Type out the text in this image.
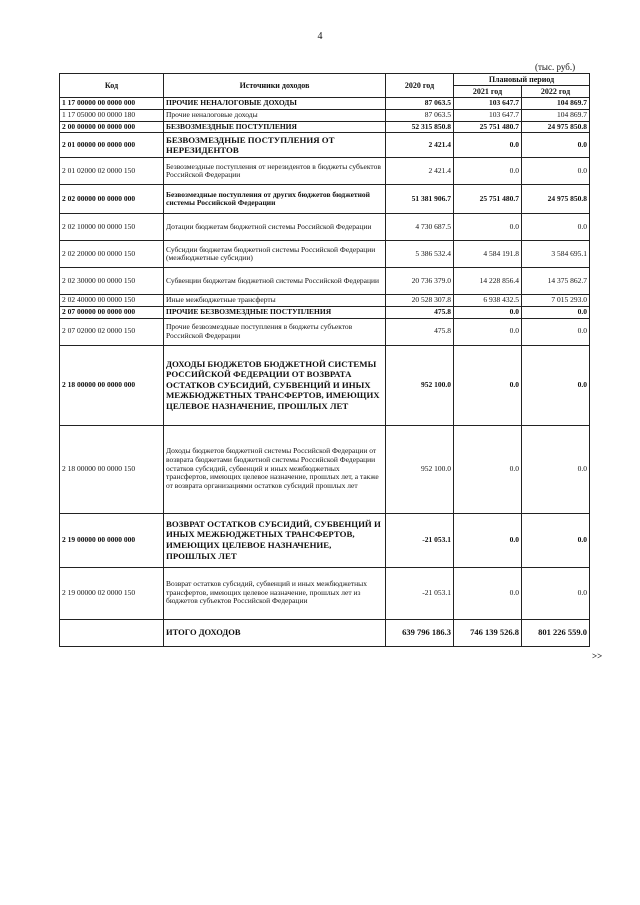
4
(тыс. руб.)
Код	Источники доходов	2020 год	Плановый период	
			2021 год	2022 год
1 17 00000 00 0000 000	ПРОЧИЕ НЕНАЛОГОВЫЕ ДОХОДЫ	87 063.5	103 647.7	104 869.7
1 17 05000 00 0000 180	Прочие неналоговые доходы	87 063.5	103 647.7	104 869.7
2 00 00000 00 0000 000	БЕЗВОЗМЕЗДНЫЕ ПОСТУПЛЕНИЯ	52 315 850.8	25 751 480.7	24 975 850.8
2 01 00000 00 0000 000	БЕЗВОЗМЕЗДНЫЕ ПОСТУПЛЕНИЯ ОТ НЕРЕЗИДЕНТОВ	2 421.4	0.0	0.0
2 01 02000 02 0000 150	Безвозмездные поступления от нерезидентов в бюджеты субъектов Российской Федерации	2 421.4	0.0	0.0
2 02 00000 00 0000 000	Безвозмездные поступления от других бюджетов бюджетной системы Российской Федерации	51 381 906.7	25 751 480.7	24 975 850.8
2 02 10000 00 0000 150	Дотации бюджетам бюджетной системы Российской Федерации	4 730 687.5	0.0	0.0
2 02 20000 00 0000 150	Субсидии бюджетам бюджетной системы Российской Федерации (межбюджетные субсидии)	5 386 532.4	4 584 191.8	3 584 695.1
2 02 30000 00 0000 150	Субвенции бюджетам бюджетной системы Российской Федерации	20 736 379.0	14 228 856.4	14 375 862.7
2 02 40000 00 0000 150	Иные межбюджетные трансферты	20 528 307.8	6 938 432.5	7 015 293.0
2 07 00000 00 0000 000	ПРОЧИЕ БЕЗВОЗМЕЗДНЫЕ ПОСТУПЛЕНИЯ	475.8	0.0	0.0
2 07 02000 02 0000 150	Прочие безвозмездные поступления в бюджеты субъектов Российской Федерации	475.8	0.0	0.0
2 18 00000 00 0000 000	ДОХОДЫ БЮДЖЕТОВ БЮДЖЕТНОЙ СИСТЕМЫ РОССИЙСКОЙ ФЕДЕРАЦИИ ОТ ВОЗВРАТА ОСТАТКОВ СУБСИДИЙ, СУБВЕНЦИЙ И ИНЫХ МЕЖБЮДЖЕТНЫХ ТРАНСФЕРТОВ, ИМЕЮЩИХ ЦЕЛЕВОЕ НАЗНАЧЕНИЕ, ПРОШЛЫХ ЛЕТ	952 100.0	0.0	0.0
2 18 00000 00 0000 150	Доходы бюджетов бюджетной системы Российской Федерации от возврата бюджетами бюджетной системы Российской Федерации остатков субсидий, субвенций и иных межбюджетных трансфертов, имеющих целевое назначение, прошлых лет, а также от возврата организациями остатков субсидий прошлых лет	952 100.0	0.0	0.0
2 19 00000 00 0000 000	ВОЗВРАТ ОСТАТКОВ СУБСИДИЙ, СУБВЕНЦИЙ И ИНЫХ МЕЖБЮДЖЕТНЫХ ТРАНСФЕРТОВ, ИМЕЮЩИХ ЦЕЛЕВОЕ НАЗНАЧЕНИЕ, ПРОШЛЫХ ЛЕТ	-21 053.1	0.0	0.0
2 19 00000 02 0000 150	Возврат остатков субсидий, субвенций и иных межбюджетных трансфертов, имеющих целевое назначение, прошлых лет из бюджетов субъектов Российской Федерации	-21 053.1	0.0	0.0
	ИТОГО ДОХОДОВ	639 796 186.3	746 139 526.8	801 226 559.0
>>
